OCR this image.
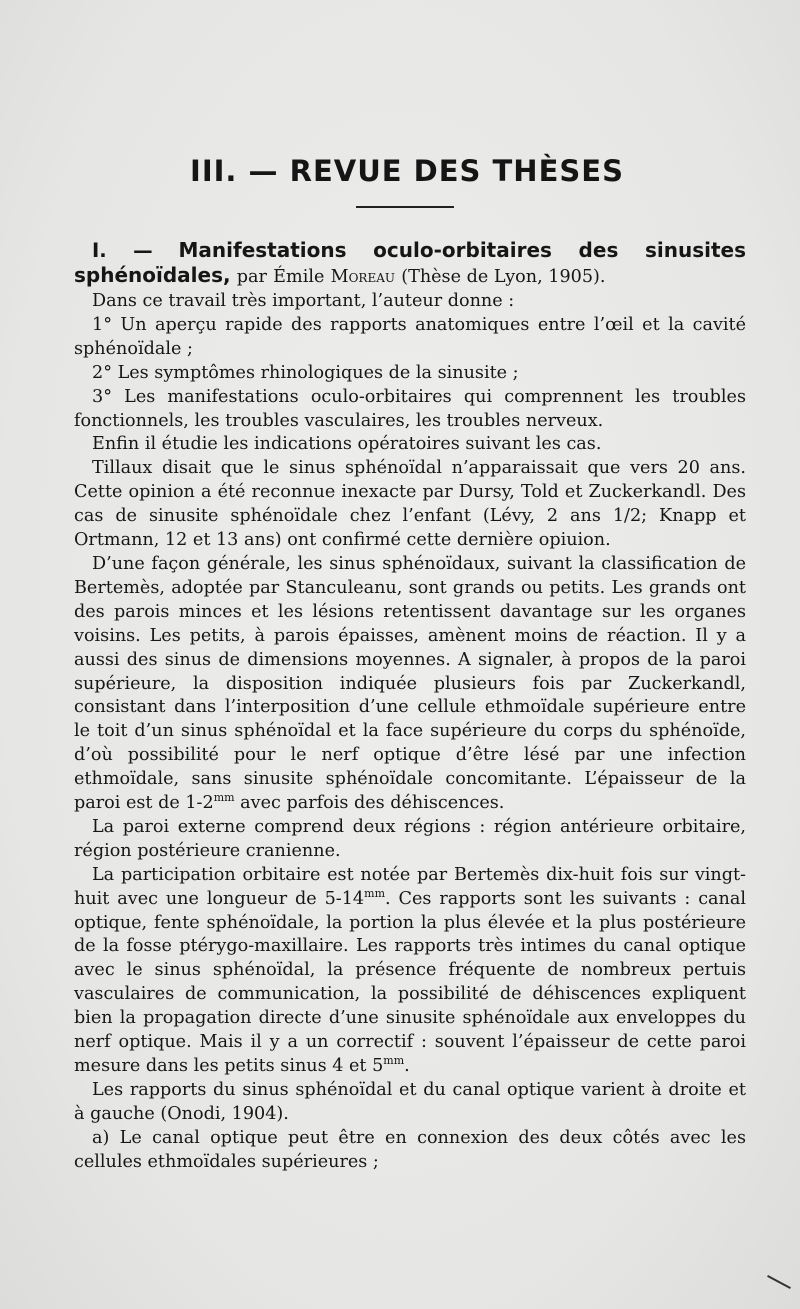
III. — REVUE DES THÈSES

I. — Manifestations oculo-orbitaires des sinusites sphénoïdales, par Émile Moreau (Thèse de Lyon, 1905).

Dans ce travail très important, l’auteur donne :

1° Un aperçu rapide des rapports anatomiques entre l’œil et la cavité sphénoïdale ;

2° Les symptômes rhinologiques de la sinusite ;

3° Les manifestations oculo-orbitaires qui comprennent les troubles fonctionnels, les troubles vasculaires, les troubles nerveux.

Enfin il étudie les indications opératoires suivant les cas.

Tillaux disait que le sinus sphénoïdal n’apparaissait que vers 20 ans. Cette opinion a été reconnue inexacte par Dursy, Told et Zuckerkandl. Des cas de sinusite sphénoïdale chez l’enfant (Lévy, 2 ans 1/2; Knapp et Ortmann, 12 et 13 ans) ont confirmé cette dernière opiuion.

D’une façon générale, les sinus sphénoïdaux, suivant la classification de Bertemès, adoptée par Stanculeanu, sont grands ou petits. Les grands ont des parois minces et les lésions retentissent davantage sur les organes voisins. Les petits, à parois épaisses, amènent moins de réaction. Il y a aussi des sinus de dimensions moyennes. A signaler, à propos de la paroi supérieure, la disposition indiquée plusieurs fois par Zuckerkandl, consistant dans l’interposition d’une cellule ethmoïdale supérieure entre le toit d’un sinus sphénoïdal et la face supérieure du corps du sphénoïde, d’où possibilité pour le nerf optique d’être lésé par une infection ethmoïdale, sans sinusite sphénoïdale concomitante. L’épaisseur de la paroi est de $1-2^{mm}$ avec parfois des déhiscences.

La paroi externe comprend deux régions : région antérieure orbitaire, région postérieure cranienne.

La participation orbitaire est notée par Bertemès dix-huit fois sur vingt-huit avec une longueur de $5-14^{mm}$. Ces rapports sont les suivants : canal optique, fente sphénoïdale, la portion la plus élevée et la plus postérieure de la fosse ptérygo-maxillaire. Les rapports très intimes du canal optique avec le sinus sphénoïdal, la présence fréquente de nombreux pertuis vasculaires de communication, la possibilité de déhiscences expliquent bien la propagation directe d’une sinusite sphénoïdale aux enveloppes du nerf optique. Mais il y a un correctif : souvent l’épaisseur de cette paroi mesure dans les petits sinus 4 et $5^{mm}$.

Les rapports du sinus sphénoïdal et du canal optique varient à droite et à gauche (Onodi, 1904).

a) Le canal optique peut être en connexion des deux côtés avec les cellules ethmoïdales supérieures ;
